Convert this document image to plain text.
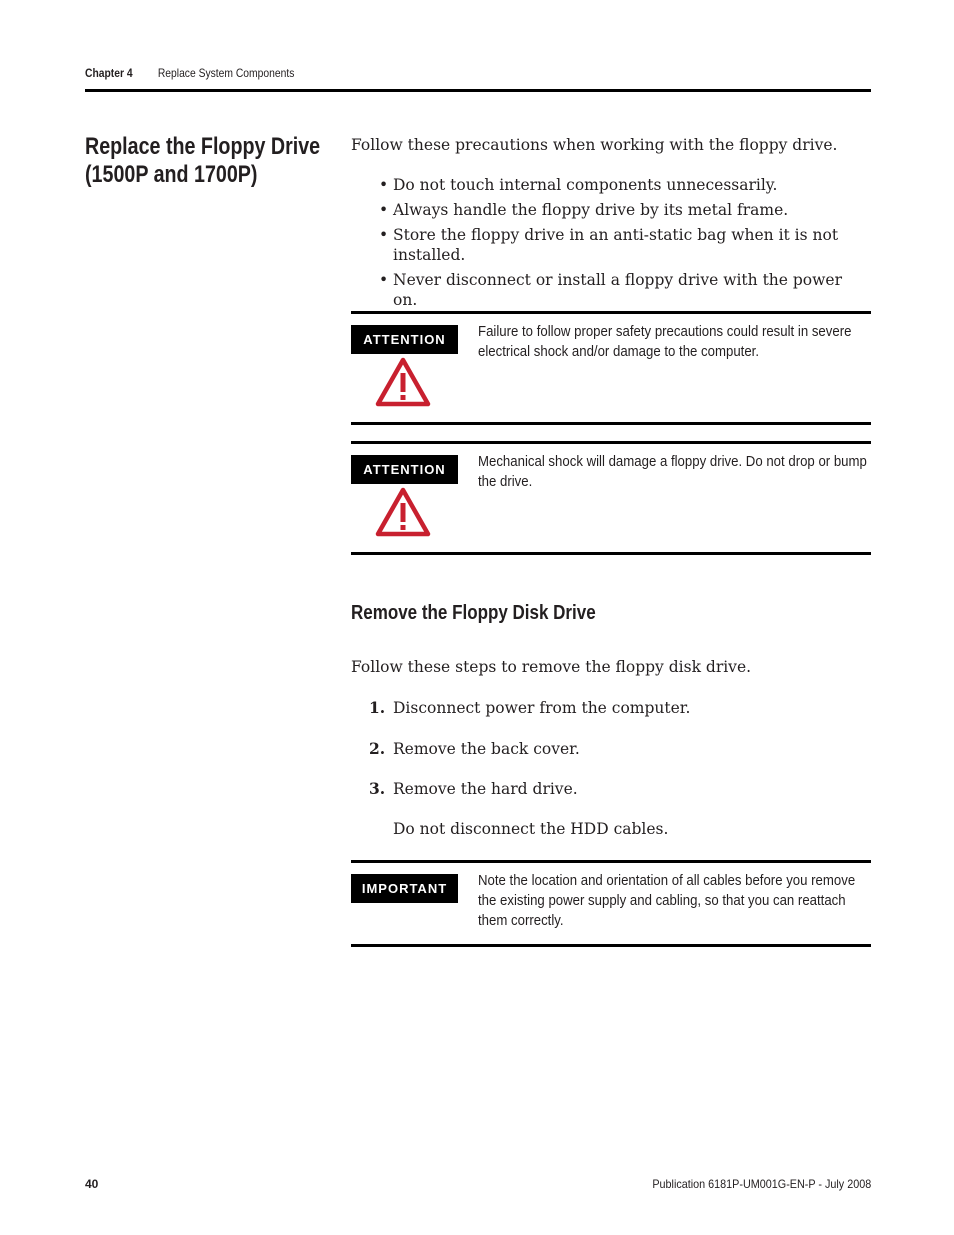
Chapter 4 Replace System Components
Replace the Floppy Drive
(1500P and 1700P)
Follow these precautions when working with the floppy drive.
• Do not touch internal components unnecessarily.
• Always handle the floppy drive by its metal frame.
• Store the floppy drive in an anti-static bag when it is not installed.
• Never disconnect or install a floppy drive with the power on.
ATTENTION	Failure to follow proper safety precautions could result in severe electrical shock and/or damage to the computer.
ATTENTION	Mechanical shock will damage a floppy drive. Do not drop or bump the drive.
Remove the Floppy Disk Drive
Follow these steps to remove the floppy disk drive.
1. Disconnect power from the computer.
2. Remove the back cover.
3. Remove the hard drive.
Do not disconnect the HDD cables.
IMPORTANT	Note the location and orientation of all cables before you remove the existing power supply and cabling, so that you can reattach them correctly.
40	Publication 6181P-UM001G-EN-P - July 2008
